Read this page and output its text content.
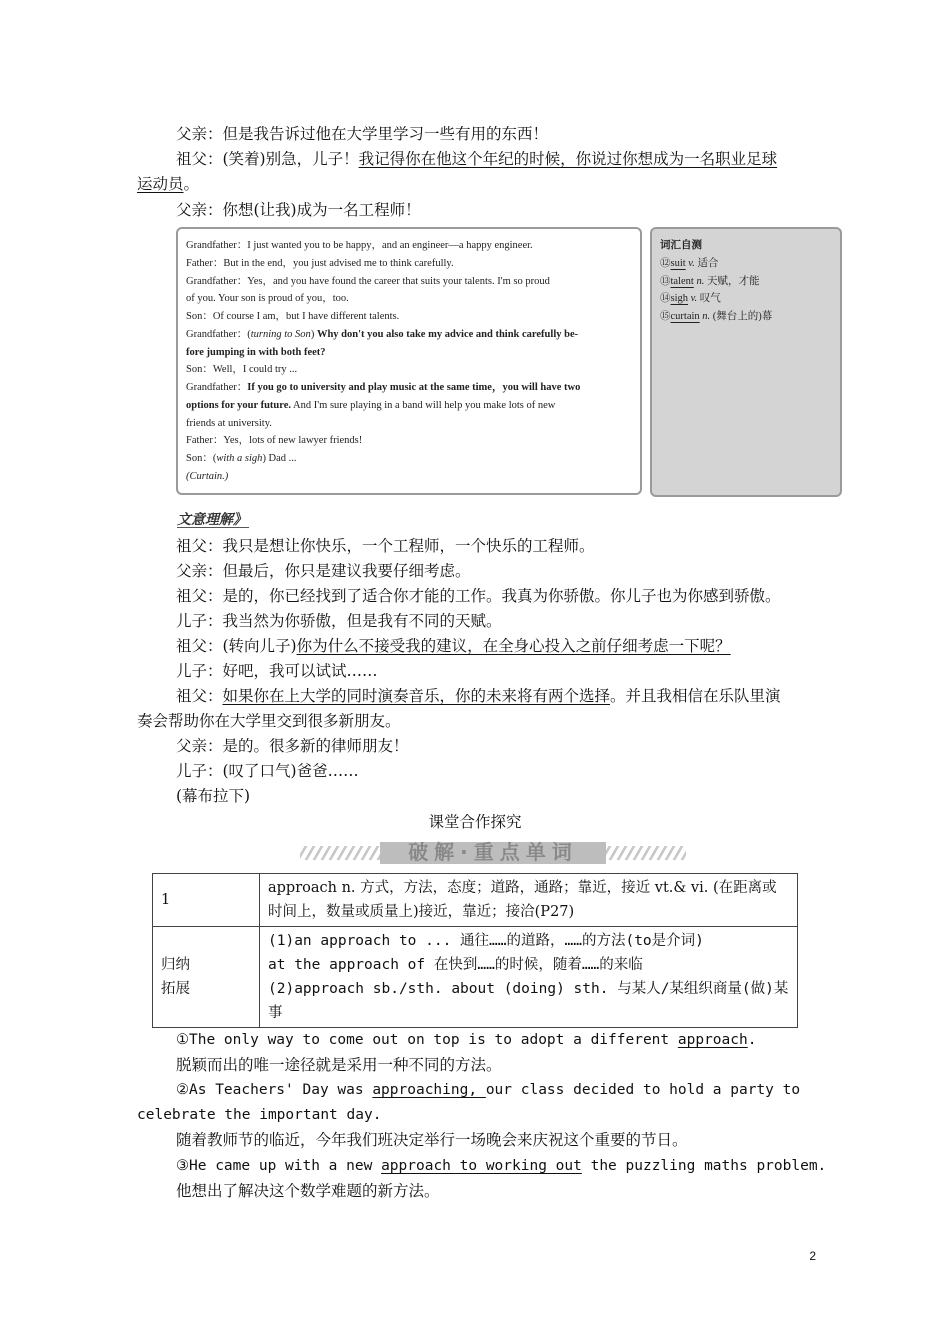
父亲：但是我告诉过他在大学里学习一些有用的东西！
祖父：(笑着)别急，儿子！我记得你在他这个年纪的时候，你说过你想成为一名职业足球
运动员。
父亲：你想(让我)成为一名工程师！
Grandfather：I just wanted you to be happy，and an engineer—a happy engineer.
Father：But in the end，you just advised me to think carefully.
Grandfather：Yes，and you have found the career that suits your talents. I'm so proud
of you. Your son is proud of you，too.
Son：Of course I am，but I have different talents.
Grandfather：(turning to Son) Why don't you also take my advice and think carefully be-
fore jumping in with both feet?
Son：Well，I could try ...
Grandfather：If you go to university and play music at the same time，you will have two
options for your future. And I'm sure playing in a band will help you make lots of new
friends at university.
Father：Yes，lots of new lawyer friends!
Son：(with a sigh) Dad ...
(Curtain.)
词汇自测
⑫suit v. 适合
⑬talent n. 天赋，才能
⑭sigh v. 叹气
⑮curtain n. (舞台上的)幕
文意理解》
祖父：我只是想让你快乐，一个工程师，一个快乐的工程师。
父亲：但最后，你只是建议我要仔细考虑。
祖父：是的，你已经找到了适合你才能的工作。我真为你骄傲。你儿子也为你感到骄傲。
儿子：我当然为你骄傲，但是我有不同的天赋。
祖父：(转向儿子)你为什么不接受我的建议，在全身心投入之前仔细考虑一下呢？
儿子：好吧，我可以试试……
祖父：如果你在上大学的同时演奏音乐，你的未来将有两个选择。并且我相信在乐队里演
奏会帮助你在大学里交到很多新朋友。
父亲：是的。很多新的律师朋友！
儿子：(叹了口气)爸爸……
(幕布拉下)
课堂合作探究
破解·重点单词
1	approach n. 方式，方法，态度；道路，通路；靠近，接近 vt.& vi. (在距离或时间上，数量或质量上)接近，靠近；接洽(P27)

归纳拓展	(1)an approach to ... 通往……的道路，……的方法(to是介词)
at the approach of 在快到……的时候，随着……的来临
(2)approach sb./sth. about (doing) sth. 与某人/某组织商量(做)某事
①The only way to come out on top is to adopt a different approach.
脱颖而出的唯一途径就是采用一种不同的方法。
②As Teachers' Day was approaching, our class decided to hold a party to
celebrate the important day.
随着教师节的临近，今年我们班决定举行一场晚会来庆祝这个重要的节日。
③He came up with a new approach to working out the puzzling maths problem.
他想出了解决这个数学难题的新方法。
2
